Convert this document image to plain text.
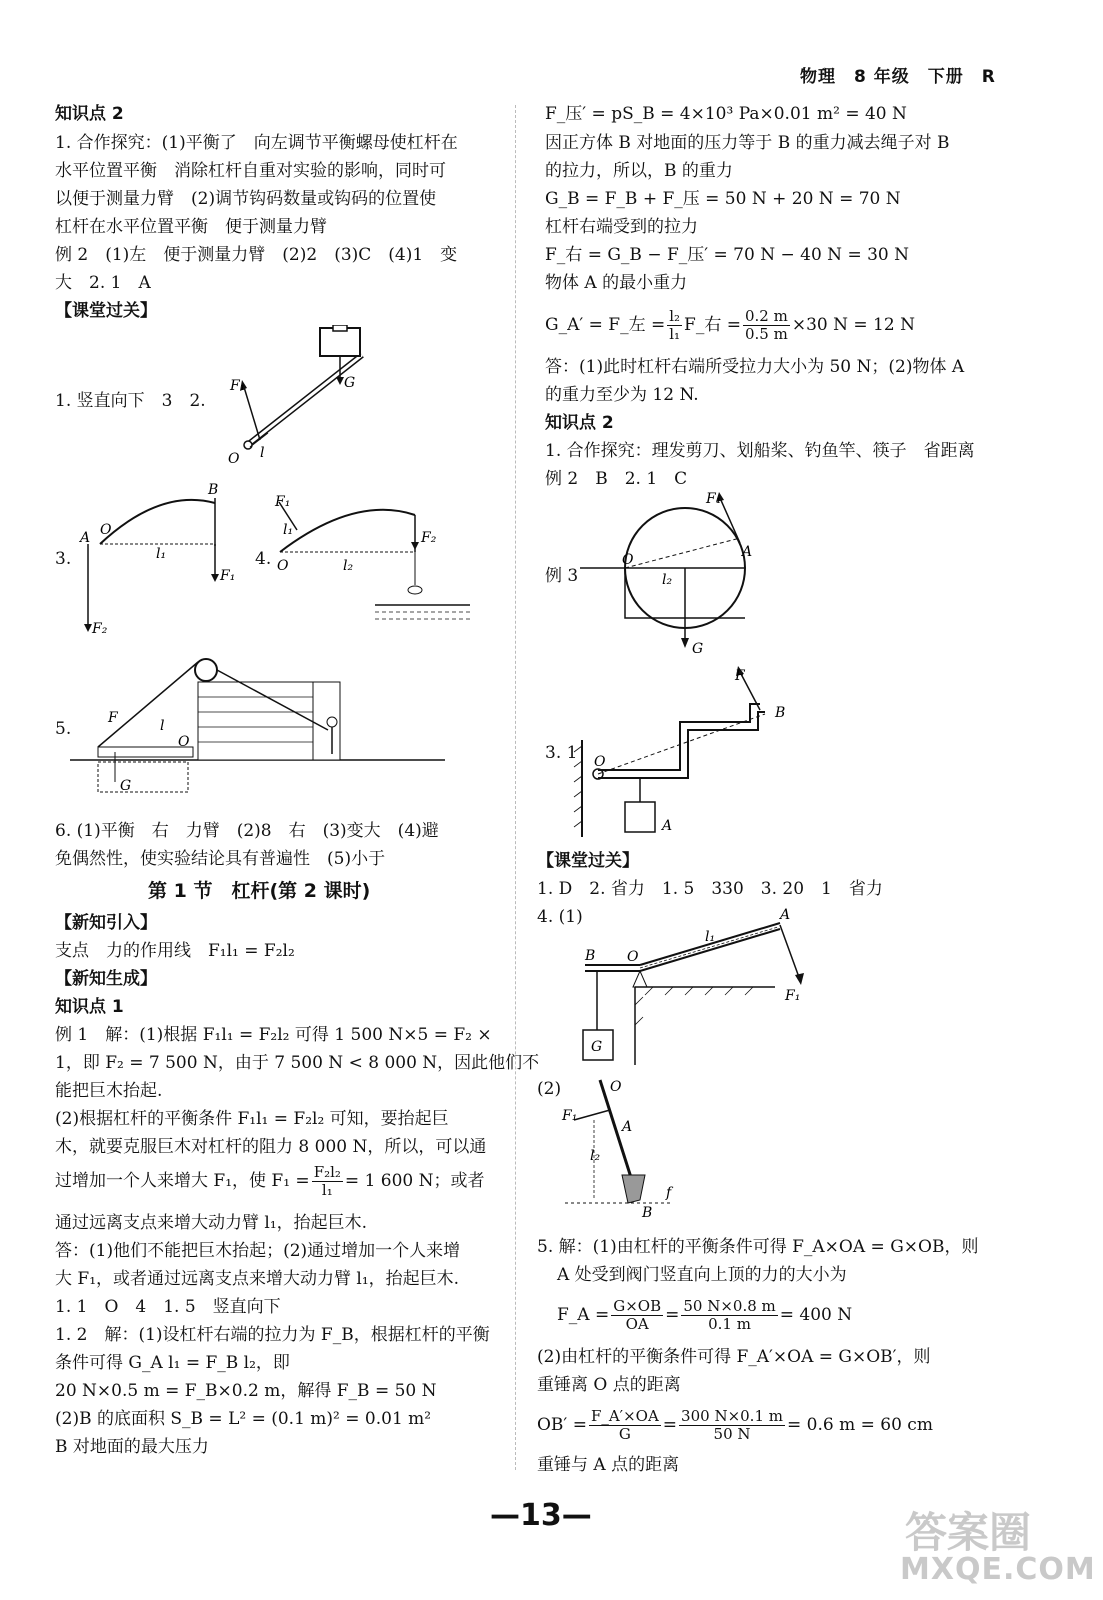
物理　8 年级　下册　R
知识点 2
1. 合作探究：(1)平衡了　向左调节平衡螺母使杠杆在
水平位置平衡　消除杠杆自重对实验的影响，同时可
以便于测量力臂　(2)调节钩码数量或钩码的位置使
杠杆在水平位置平衡　便于测量力臂
例 2　(1)左　便于测量力臂　(2)2　(3)C　(4)1　变
大　2. 1　A
【课堂过关】
1. 竖直向下　3　2.
G
O
F₁
l
3.
F₁
B
A O
F₂
l₁	4.
F₂
F₁
l₁
O	l₂
5.
F	l
O
G
6. (1)平衡　右　力臂　(2)8　右　(3)变大　(4)避
免偶然性，使实验结论具有普遍性　(5)小于
第 1 节　杠杆(第 2 课时)
【新知引入】
支点　力的作用线　F₁l₁ = F₂l₂
【新知生成】
知识点 1
例 1　解：(1)根据 F₁l₁ = F₂l₂ 可得 1 500 N×5 = F₂ ×
1，即 F₂ = 7 500 N，由于 7 500 N < 8 000 N，因此他们不
能把巨木抬起.
(2)根据杠杆的平衡条件 F₁l₁ = F₂l₂ 可知，要抬起巨
木，就要克服巨木对杠杆的阻力 8 000 N，所以，可以通
过增加一个人来增大 F₁，使 $F_1 = \frac{\text{F₂l₂}}{\text{l₁}} = 1$ 600 N；或者
通过远离支点来增大动力臂 l₁，抬起巨木.
答：(1)他们不能把巨木抬起；(2)通过增加一个人来增
大 F₁，或者通过远离支点来增大动力臂 l₁，抬起巨木.
1. 1　O　4　1. 5　竖直向下
1. 2　解：(1)设杠杆右端的拉力为 F_B，根据杠杆的平衡
条件可得 G_A l₁ = F_B l₂，即
20 N×0.5 m = F_B×0.2 m，解得 F_B = 50 N
(2)B 的底面积 S_B = L² = (0.1 m)² = 0.01 m²
B 对地面的最大压力
F_压′ = pS_B = 4×10³ Pa×0.01 m² = 40 N
因正方体 B 对地面的压力等于 B 的重力减去绳子对 B
的拉力，所以，B 的重力
G_B = F_B + F_压 = 50 N + 20 N = 70 N
杠杆右端受到的拉力
F_右 = G_B − F_压′ = 70 N − 40 N = 30 N
物体 A 的最小重力
G_A′ = F_左 = $\frac{\text{l₂}}{\text{l₁}}$ F_右 = $\frac{0.2 m}{0.5 m} \times 30$ N = 12 N
答：(1)此时杠杆右端所受拉力大小为 50 N；(2)物体 A
的重力至少为 12 N.
知识点 2
1. 合作探究：理发剪刀、划船桨、钓鱼竿、筷子　省距离
例 2　B　2. 1　C
例 3
G
F₁
O	A
l₂
3. 1 O
F
B
A
【课堂过关】
1. D　2. 省力　1. 5　330　3. 20　1　省力
4. (1)
B O
A
l₁
F₁
G
(2)	O
A
B
F₁
l₂
f
5. 解：(1)由杠杆的平衡条件可得 F_A×OA = G×OB，则
A 处受到阀门竖直向上顶的力的大小为
F_A = $\frac{G\times OB}{OA} = \frac{50 N\times 0.8 m}{0.1 m} = 400$ N
(2)由杠杆的平衡条件可得 F_A′×OA = G×OB′，则
重锤离 O 点的距离
$OB' = \frac{F\_A'\times OA}{G} = \frac{300 N\times 0.1 m}{50 N} = 0.6$ m = 60 cm
重锤与 A 点的距离
—13—	答案圈
MXQE.COM
